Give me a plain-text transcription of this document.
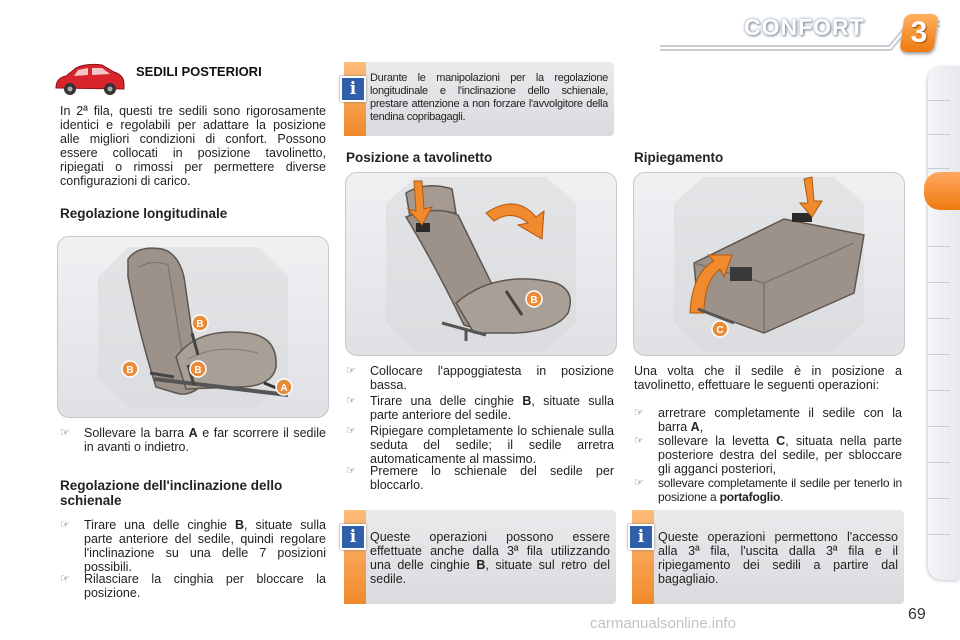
CONFORT 3
SEDILI POSTERIORI
In 2ª fila, questi tre sedili sono rigorosamente identici e regolabili per adattare la posizione alle migliori condizioni di confort. Possono essere collocati in posizione tavolinetto, ripiegati o rimossi per permettere diverse configurazioni di carico.
Regolazione longitudinale
B
B	B
A
☞ Sollevare la barra A e far scorrere il sedile in avanti o indietro.
Regolazione dell'inclinazione dello schienale
☞ Tirare una delle cinghie B, situate sulla parte anteriore del sedile, quindi regolare l'inclinazione su una delle 7 posizioni possibili.
☞ Rilasciare la cinghia per bloccare la posizione.
i
Durante le manipolazioni per la regolazione longitudinale e l'inclinazione dello schienale, prestare attenzione a non forzare l'avvolgitore della tendina copribagagli.
Posizione a tavolinetto
B
☞ Collocare l'appoggiatesta in posizione bassa.
☞ Tirare una delle cinghie B, situate sulla parte anteriore del sedile.
☞ Ripiegare completamente lo schienale sulla seduta del sedile; il sedile arretra automaticamente al massimo.
☞ Premere lo schienale del sedile per bloccarlo.
i	Queste operazioni possono essere effettuate anche dalla 3ª fila utilizzando una delle cinghie B, situate sul retro del sedile.
Ripiegamento
C
Una volta che il sedile è in posizione a tavolinetto, effettuare le seguenti operazioni:
☞ arretrare completamente il sedile con la barra A,
☞ sollevare la levetta C, situata nella parte posteriore destra del sedile, per sbloccare gli agganci posteriori,
☞ sollevare completamente il sedile per tenerlo in posizione a portafoglio.
i	Queste operazioni permettono l'accesso alla 3ª fila, l'uscita dalla 3ª fila e il ripiegamento dei sedili a partire dal bagagliaio.
carmanualsonline.info
69
